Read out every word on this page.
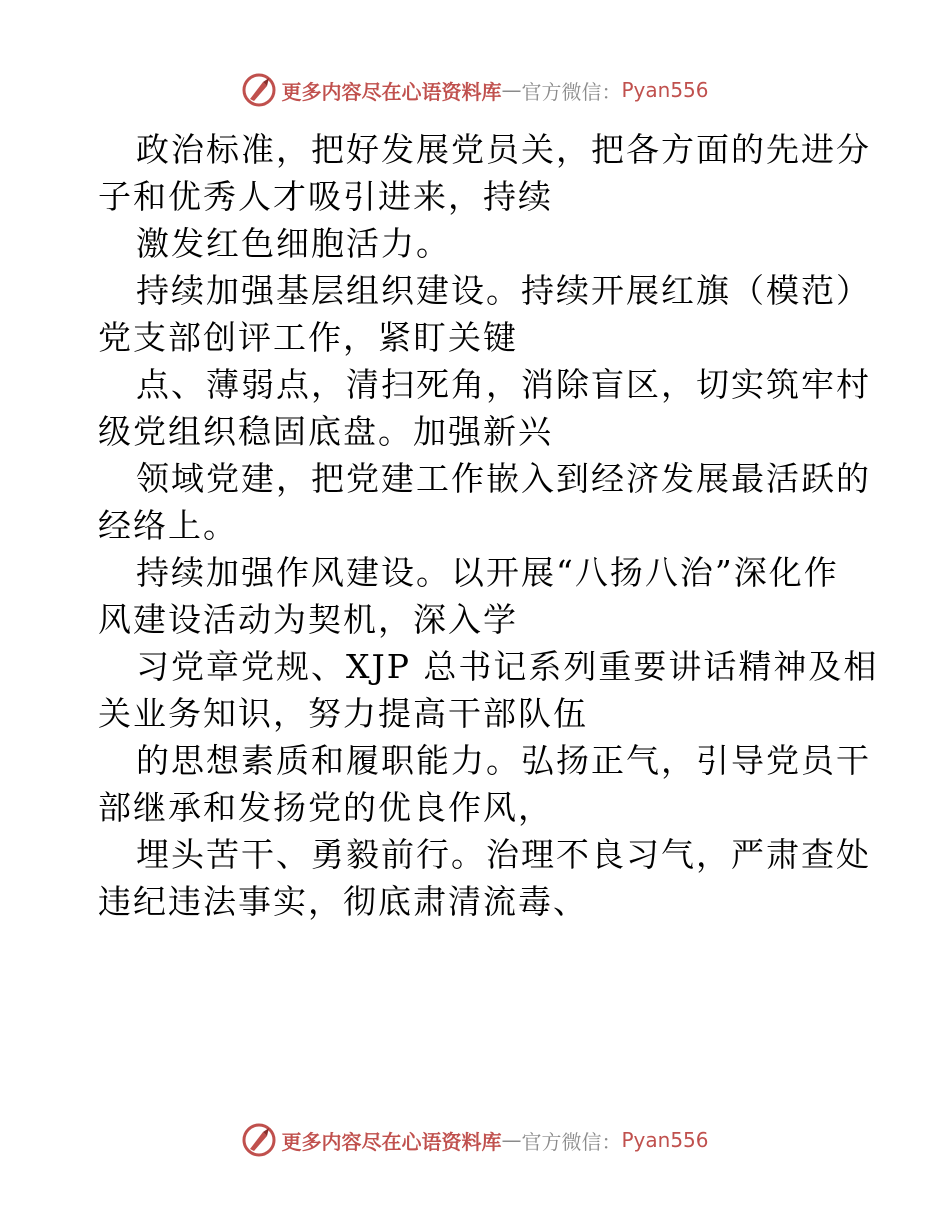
更多内容尽在心语资料库 — 官方微信： Pyan556

政治标准，把好发展党员关，把各方面的先进分

子和优秀人才吸引进来，持续

激发红色细胞活力。

持续加强基层组织建设。持续开展红旗（模范）

党支部创评工作，紧盯关键

点、薄弱点，清扫死角，消除盲区，切实筑牢村

级党组织稳固底盘。加强新兴

领域党建，把党建工作嵌入到经济发展最活跃的

经络上。

持续加强作风建设。以开展“八扬八治”深化作

风建设活动为契机，深入学

习党章党规、XJP 总书记系列重要讲话精神及相

关业务知识，努力提高干部队伍

的思想素质和履职能力。弘扬正气，引导党员干

部继承和发扬党的优良作风，

埋头苦干、勇毅前行。治理不良习气，严肃查处

违纪违法事实，彻底肃清流毒、

更多内容尽在心语资料库 — 官方微信： Pyan556
